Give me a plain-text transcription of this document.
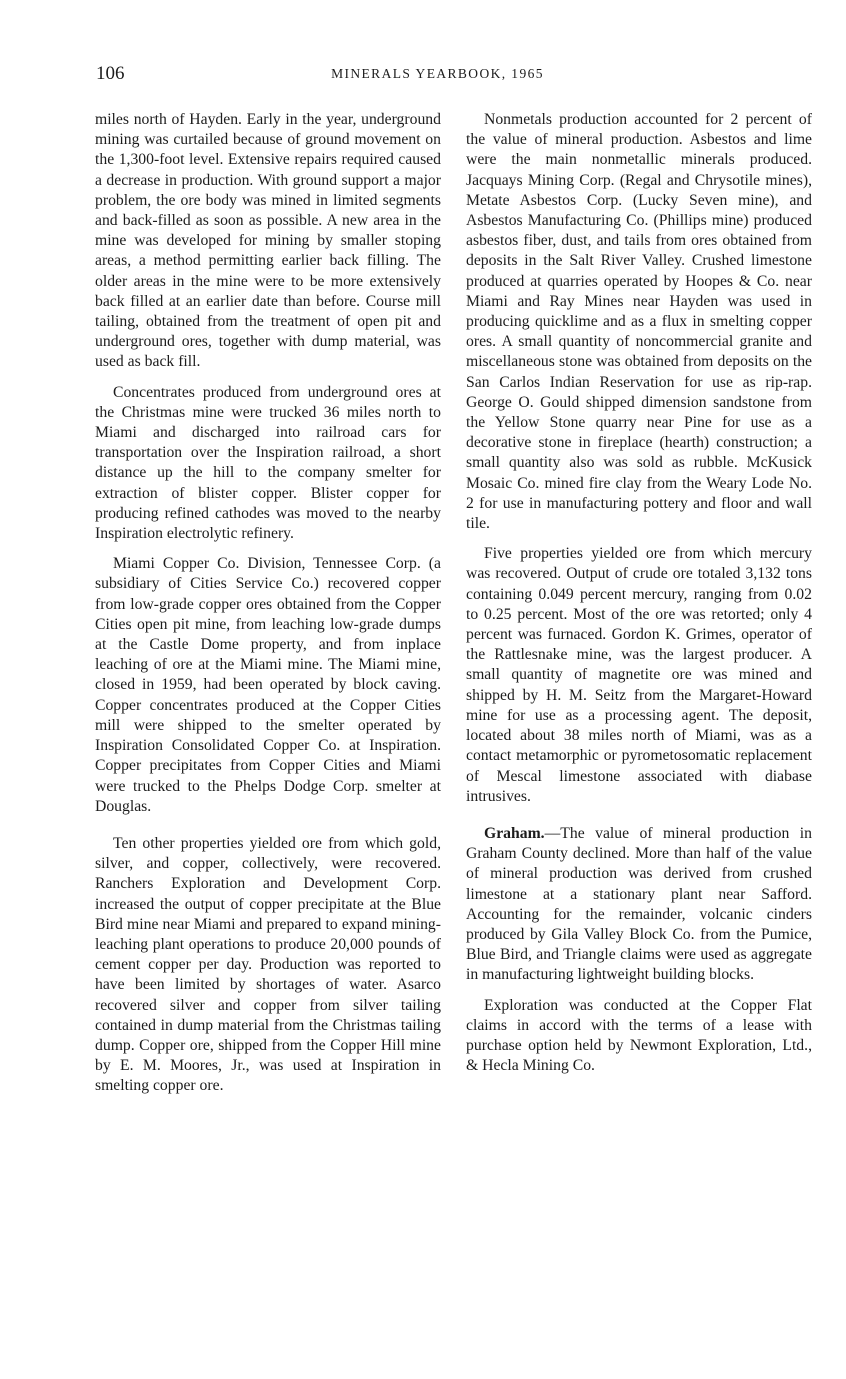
106	MINERALS YEARBOOK, 1965

miles north of Hayden. Early in the year, underground mining was curtailed because of ground movement on the 1,300-foot level. Extensive repairs required caused a decrease in production. With ground support a major problem, the ore body was mined in limited segments and back-filled as soon as possible. A new area in the mine was developed for mining by smaller stoping areas, a method permitting earlier back filling. The older areas in the mine were to be more extensively back filled at an earlier date than before. Course mill tailing, obtained from the treatment of open pit and underground ores, together with dump material, was used as back fill.

Concentrates produced from underground ores at the Christmas mine were trucked 36 miles north to Miami and discharged into railroad cars for transportation over the Inspiration railroad, a short distance up the hill to the company smelter for extraction of blister copper. Blister copper for producing refined cathodes was moved to the nearby Inspiration electrolytic refinery.

Miami Copper Co. Division, Tennessee Corp. (a subsidiary of Cities Service Co.) recovered copper from low-grade copper ores obtained from the Copper Cities open pit mine, from leaching low-grade dumps at the Castle Dome property, and from inplace leaching of ore at the Miami mine. The Miami mine, closed in 1959, had been operated by block caving. Copper concentrates produced at the Copper Cities mill were shipped to the smelter operated by Inspiration Consolidated Copper Co. at Inspiration. Copper precipitates from Copper Cities and Miami were trucked to the Phelps Dodge Corp. smelter at Douglas.

Ten other properties yielded ore from which gold, silver, and copper, collectively, were recovered. Ranchers Exploration and Development Corp. increased the output of copper precipitate at the Blue Bird mine near Miami and prepared to expand mining-leaching plant operations to produce 20,000 pounds of cement copper per day. Production was reported to have been limited by shortages of water. Asarco recovered silver and copper from silver tailing contained in dump material from the Christmas tailing dump. Copper ore, shipped from the Copper Hill mine by E. M. Moores, Jr., was used at Inspiration in smelting copper ore.

Nonmetals production accounted for 2 percent of the value of mineral production. Asbestos and lime were the main nonmetallic minerals produced. Jacquays Mining Corp. (Regal and Chrysotile mines), Metate Asbestos Corp. (Lucky Seven mine), and Asbestos Manufacturing Co. (Phillips mine) produced asbestos fiber, dust, and tails from ores obtained from deposits in the Salt River Valley. Crushed limestone produced at quarries operated by Hoopes & Co. near Miami and Ray Mines near Hayden was used in producing quicklime and as a flux in smelting copper ores. A small quantity of noncommercial granite and miscellaneous stone was obtained from deposits on the San Carlos Indian Reservation for use as rip-rap. George O. Gould shipped dimension sandstone from the Yellow Stone quarry near Pine for use as a decorative stone in fireplace (hearth) construction; a small quantity also was sold as rubble. McKusick Mosaic Co. mined fire clay from the Weary Lode No. 2 for use in manufacturing pottery and floor and wall tile.

Five properties yielded ore from which mercury was recovered. Output of crude ore totaled 3,132 tons containing 0.049 percent mercury, ranging from 0.02 to 0.25 percent. Most of the ore was retorted; only 4 percent was furnaced. Gordon K. Grimes, operator of the Rattlesnake mine, was the largest producer. A small quantity of magnetite ore was mined and shipped by H. M. Seitz from the Margaret-Howard mine for use as a processing agent. The deposit, located about 38 miles north of Miami, was as a contact metamorphic or pyrometosomatic replacement of Mescal limestone associated with diabase intrusives.

Graham.—The value of mineral production in Graham County declined. More than half of the value of mineral production was derived from crushed limestone at a stationary plant near Safford. Accounting for the remainder, volcanic cinders produced by Gila Valley Block Co. from the Pumice, Blue Bird, and Triangle claims were used as aggregate in manufacturing lightweight building blocks.

Exploration was conducted at the Copper Flat claims in accord with the terms of a lease with purchase option held by Newmont Exploration, Ltd., & Hecla Mining Co.
